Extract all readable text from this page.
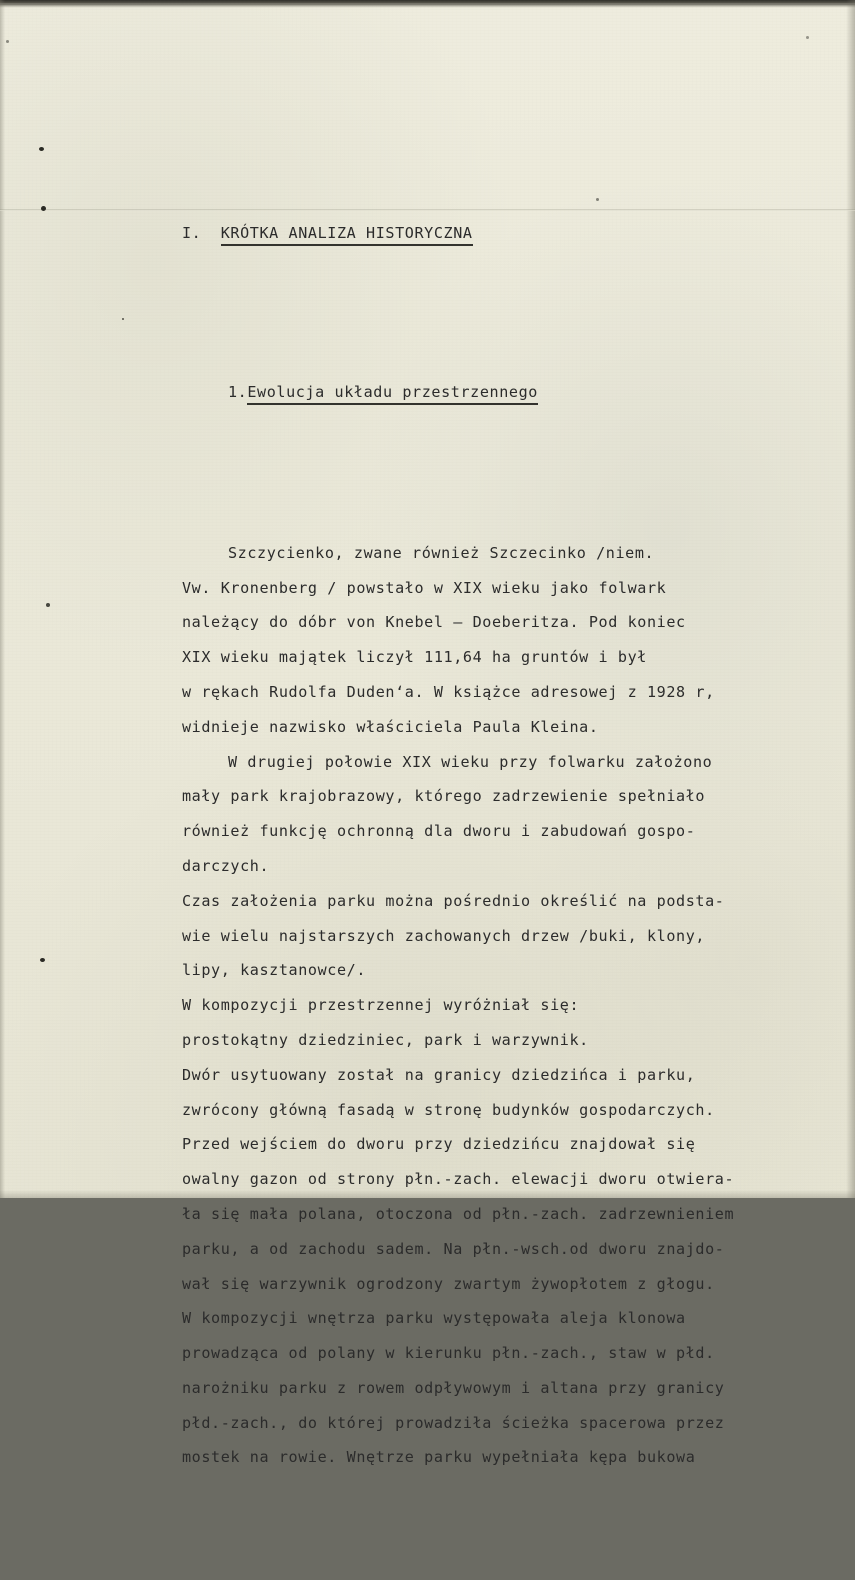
I. KRÓTKA ANALIZA HISTORYCZNA

1.Ewolucja układu przestrzennego

Szczycienko, zwane również Szczecinko /niem.
Vw. Kronenberg / powstało w XIX wieku jako folwark
należący do dóbr von Knebel — Doeberitza. Pod koniec
XIX wieku majątek liczył 111,64 ha gruntów i był
w rękach Rudolfa Dudenʻa. W książce adresowej z 1928 r,
widnieje nazwisko właściciela Paula Kleina.
W drugiej połowie XIX wieku przy folwarku założono
mały park krajobrazowy, którego zadrzewienie spełniało
również funkcję ochronną dla dworu i zabudowań gospo-
darczych.
Czas założenia parku można pośrednio określić na podsta-
wie wielu najstarszych zachowanych drzew /buki, klony,
lipy, kasztanowce/.
W kompozycji przestrzennej wyróżniał się:
prostokątny dziedziniec, park i warzywnik.
Dwór usytuowany został na granicy dziedzińca i parku,
zwrócony główną fasadą w stronę budynków gospodarczych.
Przed wejściem do dworu przy dziedzińcu znajdował się
owalny gazon od strony płn.-zach. elewacji dworu otwiera-
ła się mała polana, otoczona od płn.-zach. zadrzewnieniem
parku, a od zachodu sadem. Na płn.-wsch.od dworu znajdo-
wał się warzywnik ogrodzony zwartym żywopłotem z głogu.
W kompozycji wnętrza parku występowała aleja klonowa
prowadząca od polany w kierunku płn.-zach., staw w płd.
narożniku parku z rowem odpływowym i altana przy granicy
płd.-zach., do której prowadziła ścieżka spacerowa przez
mostek na rowie. Wnętrze parku wypełniała kępa bukowa
